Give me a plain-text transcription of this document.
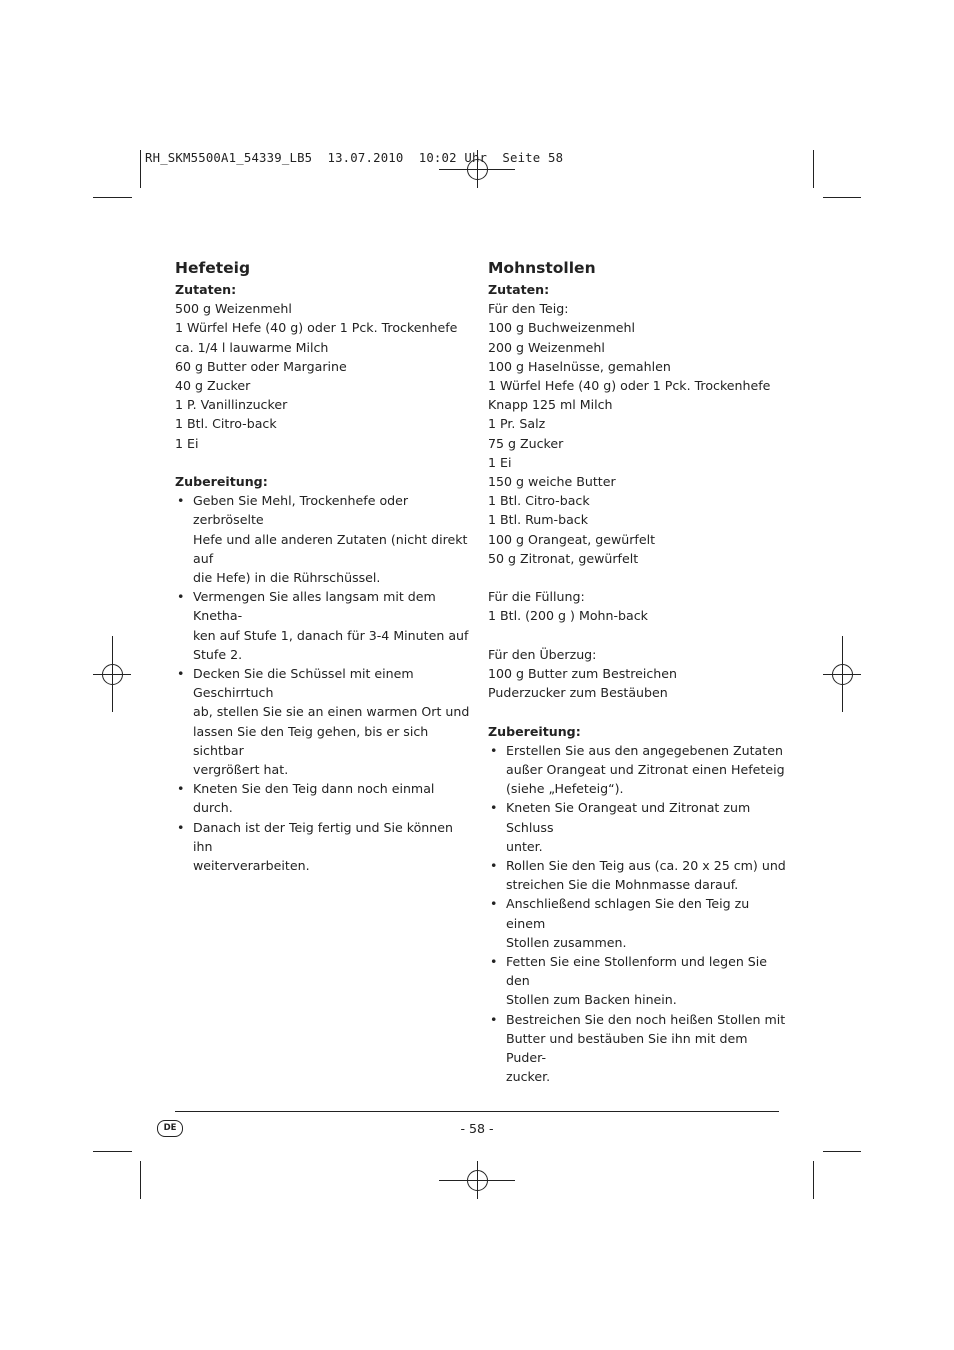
RH_SKM5500A1_54339_LB5  13.07.2010  10:02 Uhr  Seite 58
Hefeteig
Zutaten:
500 g Weizenmehl
1 Würfel Hefe (40 g) oder 1 Pck. Trockenhefe
ca. 1/4 l lauwarme Milch
60 g Butter oder Margarine
40 g Zucker
1 P. Vanillinzucker
1 Btl. Citro-back
1 Ei
Zubereitung:
• Geben Sie Mehl, Trockenhefe oder zerbröselte
Hefe und alle anderen Zutaten (nicht direkt auf
die Hefe) in die Rührschüssel.
• Vermengen Sie alles langsam mit dem Knetha-
ken auf Stufe 1, danach für 3-4 Minuten auf
Stufe 2.
• Decken Sie die Schüssel mit einem Geschirrtuch
ab, stellen Sie sie an einen warmen Ort und
lassen Sie den Teig gehen, bis er sich sichtbar
vergrößert hat.
• Kneten Sie den Teig dann noch einmal durch.
• Danach ist der Teig fertig und Sie können ihn
weiterverarbeiten.
Mohnstollen
Zutaten:
Für den Teig:
100 g Buchweizenmehl
200 g Weizenmehl
100 g Haselnüsse, gemahlen
1 Würfel Hefe (40 g) oder 1 Pck. Trockenhefe
Knapp 125 ml Milch
1 Pr. Salz
75 g Zucker
1 Ei
150 g weiche Butter
1 Btl. Citro-back
1 Btl. Rum-back
100 g Orangeat, gewürfelt
50 g Zitronat, gewürfelt
Für die Füllung:
1 Btl. (200 g ) Mohn-back
Für den Überzug:
100 g Butter zum Bestreichen
Puderzucker zum Bestäuben
Zubereitung:
• Erstellen Sie aus den angegebenen Zutaten
außer Orangeat und Zitronat einen Hefeteig
(siehe „Hefeteig“).
• Kneten Sie Orangeat und Zitronat zum Schluss
unter.
• Rollen Sie den Teig aus (ca. 20 x 25 cm) und
streichen Sie die Mohnmasse darauf.
• Anschließend schlagen Sie den Teig zu einem
Stollen zusammen.
• Fetten Sie eine Stollenform und legen Sie den
Stollen zum Backen hinein.
• Bestreichen Sie den noch heißen Stollen mit
Butter und bestäuben Sie ihn mit dem Puder-
zucker.
DE	- 58 -
